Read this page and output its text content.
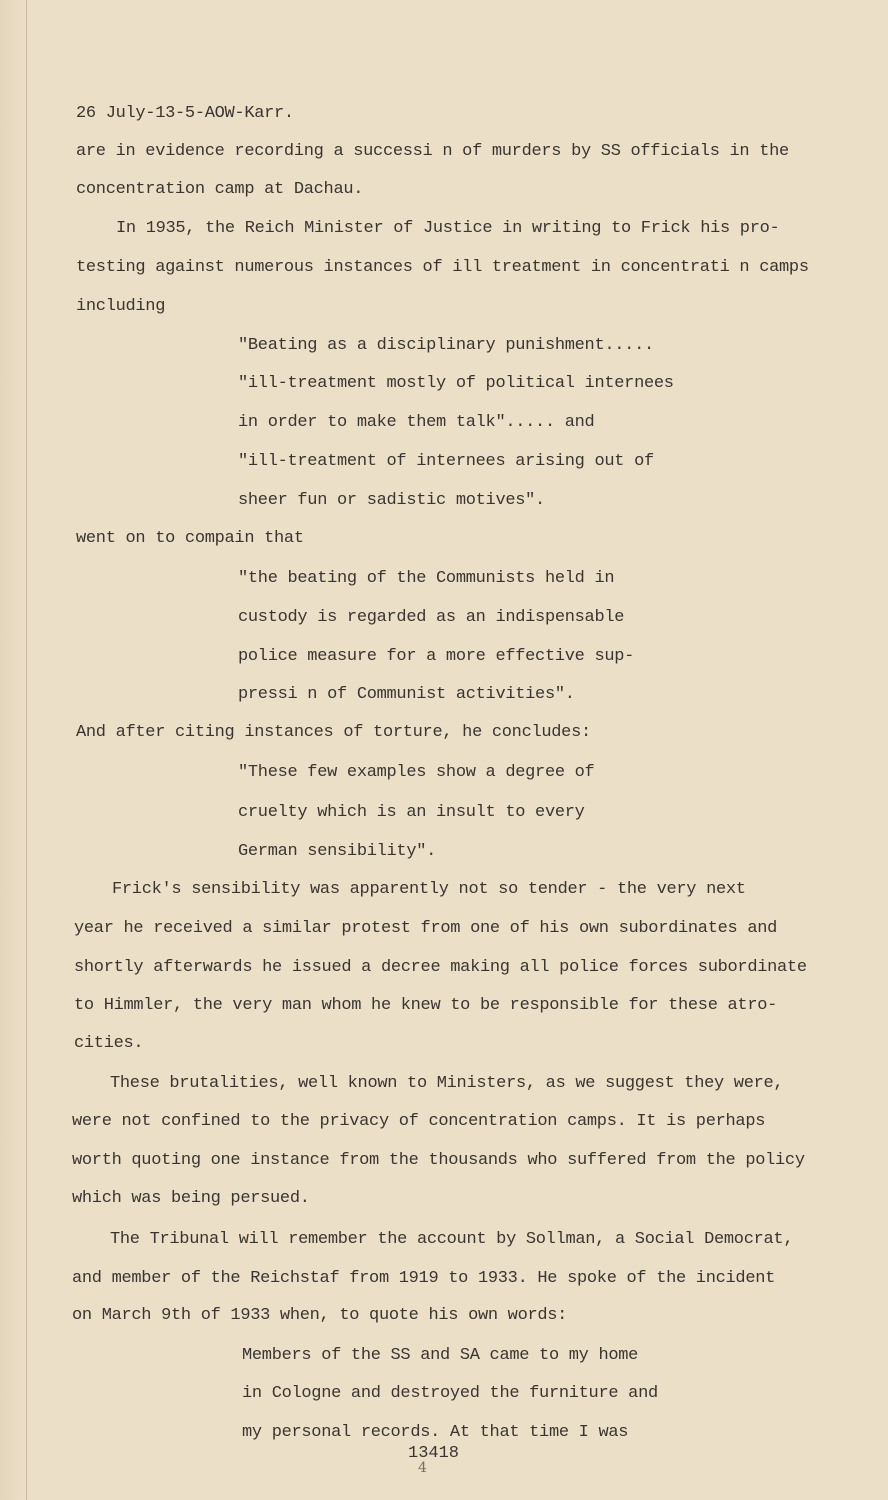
26 July-13-5-AOW-Karr.
are in evidence recording a successi n of murders by SS officials in the
concentration camp at Dachau.
In 1935, the Reich Minister of Justice in writing to Frick his pro-
testing against numerous instances of ill treatment in concentrati n camps
including
"Beating as a disciplinary punishment.....
"ill-treatment mostly of political internees
in order to make them talk"..... and
"ill-treatment of internees arising out of
sheer fun or sadistic motives".
went on to compain that
"the beating of the Communists held in
custody is regarded as an indispensable
police measure for a more effective sup-
pressi n of Communist activities".
And after citing instances of torture, he concludes:
"These few examples show a degree of
cruelty which is an insult to every
German sensibility".
Frick's sensibility was apparently not so tender - the very next
year he received a similar protest from one of his own subordinates and
shortly afterwards he issued a decree making all police forces subordinate
to Himmler, the very man whom he knew to be responsible for these atro-
cities.
These brutalities, well known to Ministers, as we suggest they were,
were not confined to the privacy of concentration camps. It is perhaps
worth quoting one instance from the thousands who suffered from the policy
which was being persued.
The Tribunal will remember the account by Sollman, a Social Democrat,
and member of the Reichstaf from 1919 to 1933. He spoke of the incident
on March 9th of 1933 when, to quote his own words:
Members of the SS and SA came to my home
in Cologne and destroyed the furniture and
my personal records. At that time I was
13418
4
